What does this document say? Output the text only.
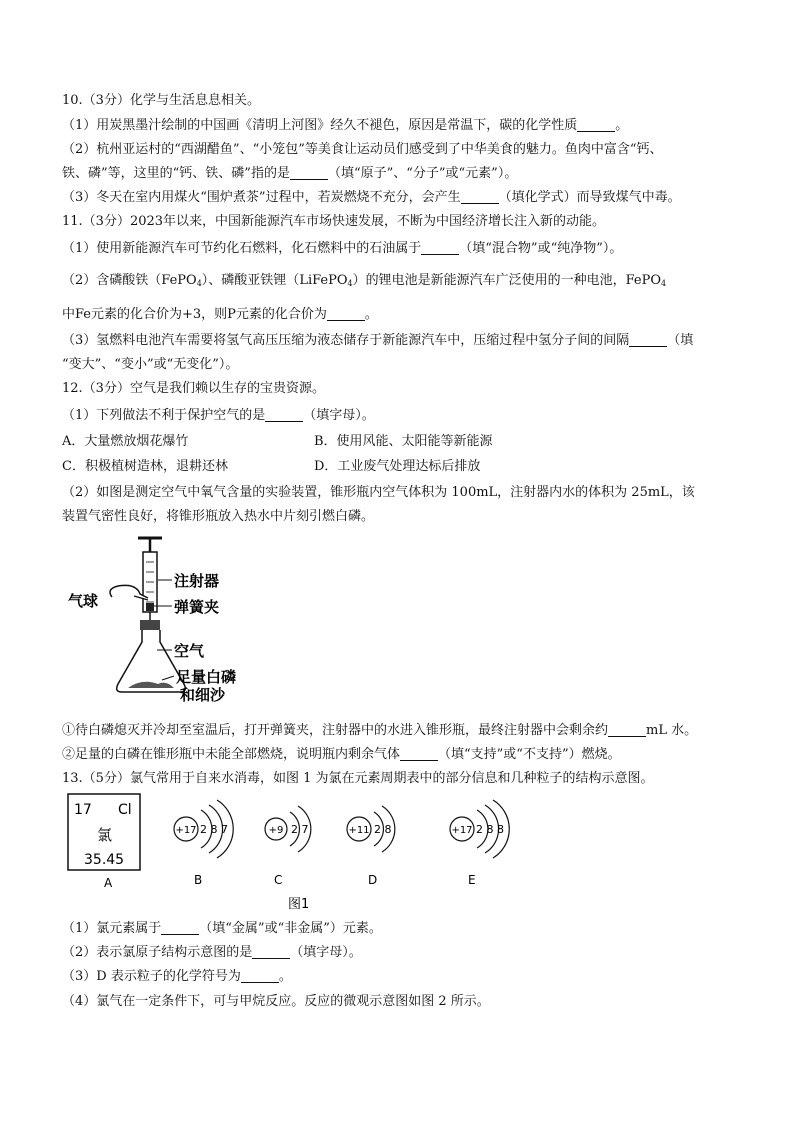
10.（3分）化学与生活息息相关。
（1）用炭黑墨汁绘制的中国画《清明上河图》经久不褪色，原因是常温下，碳的化学性质	。
（2）杭州亚运村的“西湖醋鱼”、“小笼包”等美食让运动员们感受到了中华美食的魅力。鱼肉中富含“钙、
铁、磷”等，这里的“钙、铁、磷”指的是	（填“原子”、“分子”或“元素”）。
（3）冬天在室内用煤火“围炉煮茶”过程中，若炭燃烧不充分，会产生	（填化学式）而导致煤气中毒。
11.（3分）2023年以来，中国新能源汽车市场快速发展，不断为中国经济增长注入新的动能。
（1）使用新能源汽车可节约化石燃料，化石燃料中的石油属于	（填“混合物”或“纯净物”）。
（2）含磷酸铁（FePO$_4$）、磷酸亚铁锂（LiFePO$_4$）的锂电池是新能源汽车广泛使用的一种电池，FePO$_4$
中Fe元素的化合价为+3，则P元素的化合价为	。
（3）氢燃料电池汽车需要将氢气高压压缩为液态储存于新能源汽车中，压缩过程中氢分子间的间隔	（填
“变大”、“变小”或“无变化”）。
12.（3分）空气是我们赖以生存的宝贵资源。
（1）下列做法不利于保护空气的是	（填字母）。
A．大量燃放烟花爆竹	B．使用风能、太阳能等新能源
C．积极植树造林，退耕还林	D．工业废气处理达标后排放
（2）如图是测定空气中氧气含量的实验装置，锥形瓶内空气体积为 100mL，注射器内水的体积为 25mL，该
装置气密性良好，将锥形瓶放入热水中片刻引燃白磷。
气球
注射器
弹簧夹
空气
足量白磷
和细沙
①待白磷熄灭并冷却至室温后，打开弹簧夹，注射器中的水进入锥形瓶，最终注射器中会剩余约	mL 水。
②足量的白磷在锥形瓶中未能全部燃烧，说明瓶内剩余气体	（填“支持”或“不支持”）燃烧。
13.（5分）氯气常用于自来水消毒，如图 1 为氯在元素周期表中的部分信息和几种粒子的结构示意图。
17 Cl
氯
35.45
A
+17 2 8 7
B
+9 2 7
C
+11 2 8
D
+17 2 8 8
E
图1
（1）氯元素属于	（填“金属”或“非金属”）元素。
（2）表示氯原子结构示意图的是	（填字母）。
（3）D 表示粒子的化学符号为	。
（4）氯气在一定条件下，可与甲烷反应。反应的微观示意图如图 2 所示。
